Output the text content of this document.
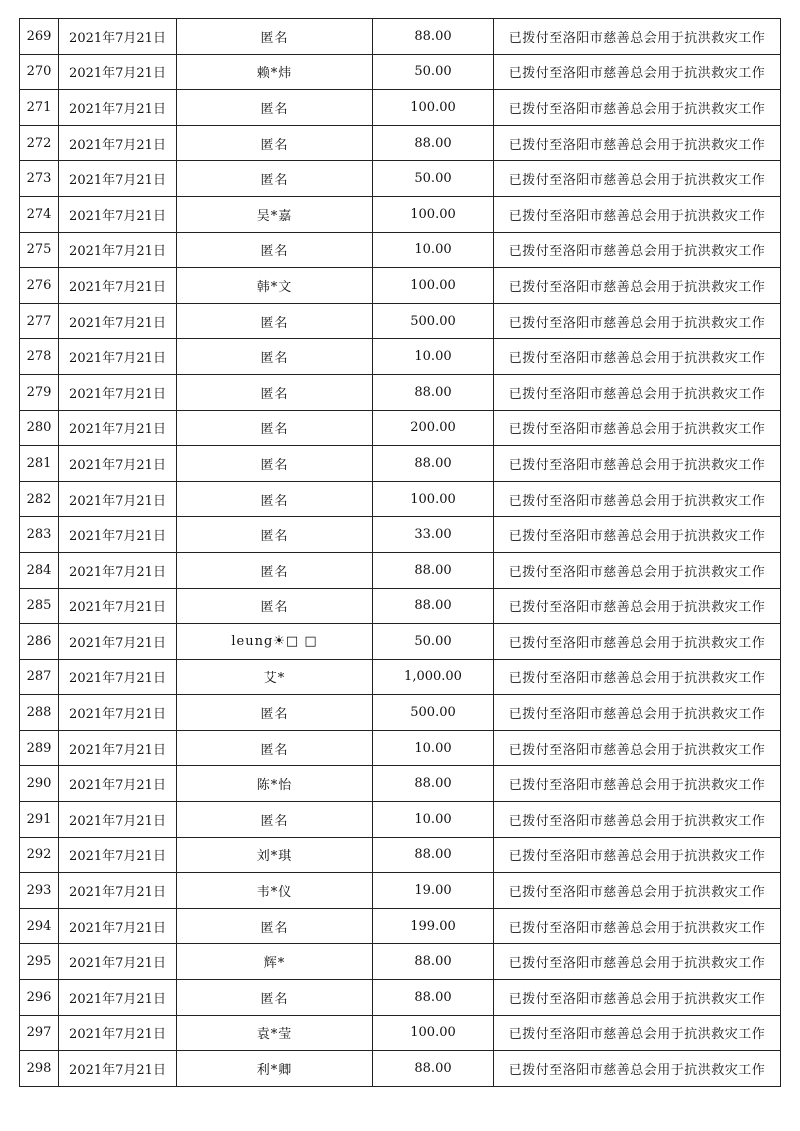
269	2021年7月21日	匿名	88.00	已拨付至洛阳市慈善总会用于抗洪救灾工作
270	2021年7月21日	赖*炜	50.00	已拨付至洛阳市慈善总会用于抗洪救灾工作
271	2021年7月21日	匿名	100.00	已拨付至洛阳市慈善总会用于抗洪救灾工作
272	2021年7月21日	匿名	88.00	已拨付至洛阳市慈善总会用于抗洪救灾工作
273	2021年7月21日	匿名	50.00	已拨付至洛阳市慈善总会用于抗洪救灾工作
274	2021年7月21日	吴*嘉	100.00	已拨付至洛阳市慈善总会用于抗洪救灾工作
275	2021年7月21日	匿名	10.00	已拨付至洛阳市慈善总会用于抗洪救灾工作
276	2021年7月21日	韩*文	100.00	已拨付至洛阳市慈善总会用于抗洪救灾工作
277	2021年7月21日	匿名	500.00	已拨付至洛阳市慈善总会用于抗洪救灾工作
278	2021年7月21日	匿名	10.00	已拨付至洛阳市慈善总会用于抗洪救灾工作
279	2021年7月21日	匿名	88.00	已拨付至洛阳市慈善总会用于抗洪救灾工作
280	2021年7月21日	匿名	200.00	已拨付至洛阳市慈善总会用于抗洪救灾工作
281	2021年7月21日	匿名	88.00	已拨付至洛阳市慈善总会用于抗洪救灾工作
282	2021年7月21日	匿名	100.00	已拨付至洛阳市慈善总会用于抗洪救灾工作
283	2021年7月21日	匿名	33.00	已拨付至洛阳市慈善总会用于抗洪救灾工作
284	2021年7月21日	匿名	88.00	已拨付至洛阳市慈善总会用于抗洪救灾工作
285	2021年7月21日	匿名	88.00	已拨付至洛阳市慈善总会用于抗洪救灾工作
286	2021年7月21日	leung☀□ □	50.00	已拨付至洛阳市慈善总会用于抗洪救灾工作
287	2021年7月21日	艾*	1,000.00	已拨付至洛阳市慈善总会用于抗洪救灾工作
288	2021年7月21日	匿名	500.00	已拨付至洛阳市慈善总会用于抗洪救灾工作
289	2021年7月21日	匿名	10.00	已拨付至洛阳市慈善总会用于抗洪救灾工作
290	2021年7月21日	陈*怡	88.00	已拨付至洛阳市慈善总会用于抗洪救灾工作
291	2021年7月21日	匿名	10.00	已拨付至洛阳市慈善总会用于抗洪救灾工作
292	2021年7月21日	刘*琪	88.00	已拨付至洛阳市慈善总会用于抗洪救灾工作
293	2021年7月21日	韦*仪	19.00	已拨付至洛阳市慈善总会用于抗洪救灾工作
294	2021年7月21日	匿名	199.00	已拨付至洛阳市慈善总会用于抗洪救灾工作
295	2021年7月21日	辉*	88.00	已拨付至洛阳市慈善总会用于抗洪救灾工作
296	2021年7月21日	匿名	88.00	已拨付至洛阳市慈善总会用于抗洪救灾工作
297	2021年7月21日	袁*莹	100.00	已拨付至洛阳市慈善总会用于抗洪救灾工作
298	2021年7月21日	利*卿	88.00	已拨付至洛阳市慈善总会用于抗洪救灾工作
